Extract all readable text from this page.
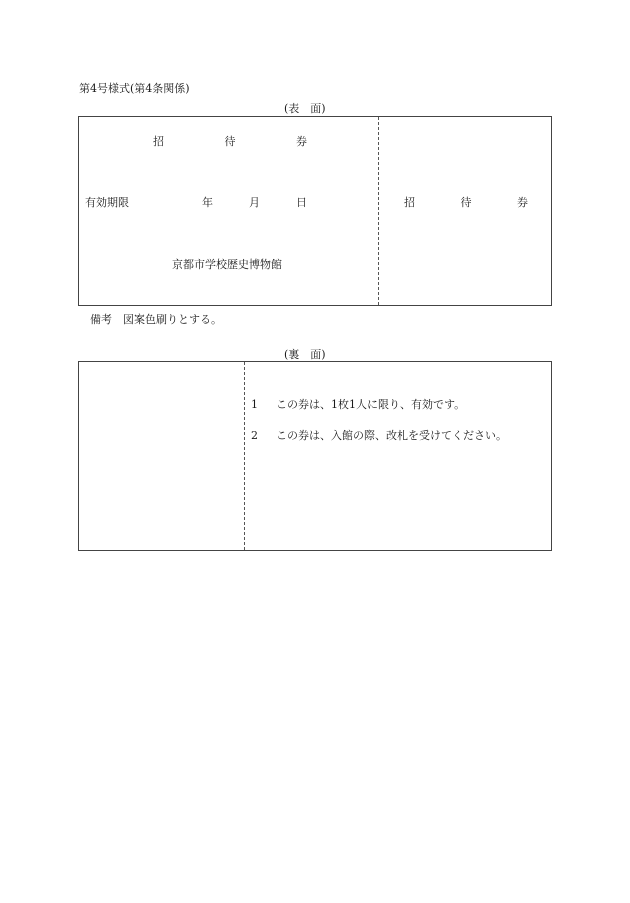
第4号様式(第4条関係)
(表　面)
招	待	券
有効期限	年	月	日
京都市学校歴史博物館
招	待	券
備考　図案色刷りとする。
(裏　面)
1 この券は、1枚1人に限り、有効です。
2 この券は、入館の際、改札を受けてください。
